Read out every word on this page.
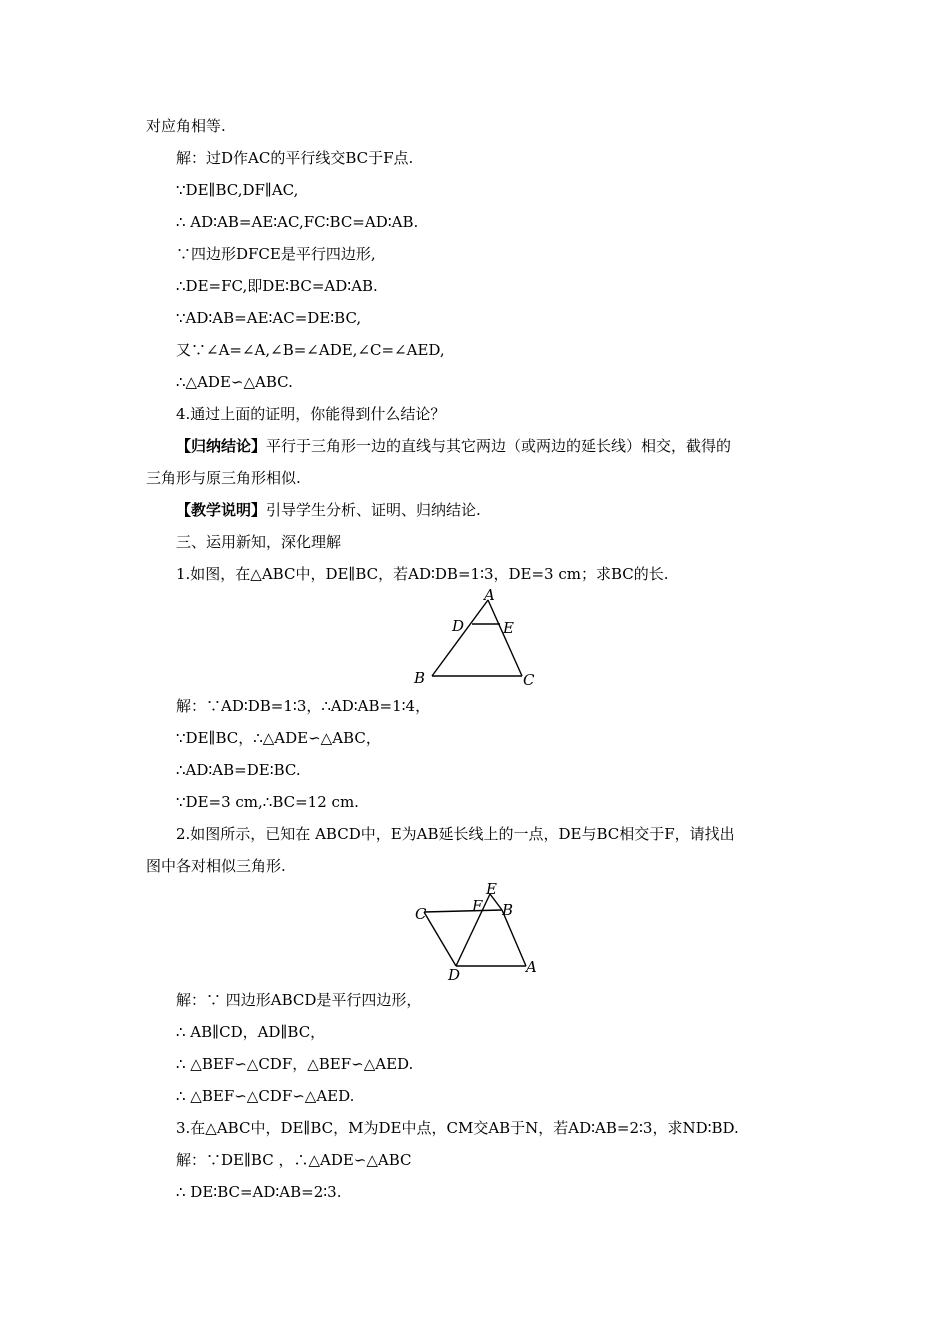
对应角相等.
解：过D作AC的平行线交BC于F点.
∵DE∥BC,DF∥AC,
∴ AD∶AB=AE∶AC,FC∶BC=AD∶AB.
∵四边形DFCE是平行四边形,
∴DE=FC,即DE∶BC=AD∶AB.
∵AD∶AB=AE∶AC=DE∶BC,
又∵∠A=∠A,∠B=∠ADE,∠C=∠AED,
∴△ADE∽△ABC.
4.通过上面的证明，你能得到什么结论？
【归纳结论】平行于三角形一边的直线与其它两边（或两边的延长线）相交，截得的
三角形与原三角形相似.
【教学说明】引导学生分析、证明、归纳结论.
三、运用新知，深化理解
1.如图，在△ABC中，DE∥BC，若AD∶DB=1∶3，DE=3 cm；求BC的长.
A
D	E
B	C
解：∵AD∶DB=1∶3，∴AD∶AB=1∶4，
∵DE∥BC，∴△ADE∽△ABC，
∴AD∶AB=DE∶BC.
∵DE=3 cm,∴BC=12 cm.
2.如图所示，已知在 ABCD中，E为AB延长线上的一点，DE与BC相交于F，请找出
图中各对相似三角形.
E
C	F B
D	A
解：∵ 四边形ABCD是平行四边形，
∴ AB∥CD，AD∥BC，
∴ △BEF∽△CDF，△BEF∽△AED.
∴ △BEF∽△CDF∽△AED.
3.在△ABC中，DE∥BC，M为DE中点，CM交AB于N，若AD∶AB=2∶3，求ND∶BD.
解：∵DE∥BC ，∴△ADE∽△ABC
∴ DE∶BC=AD∶AB=2∶3.
